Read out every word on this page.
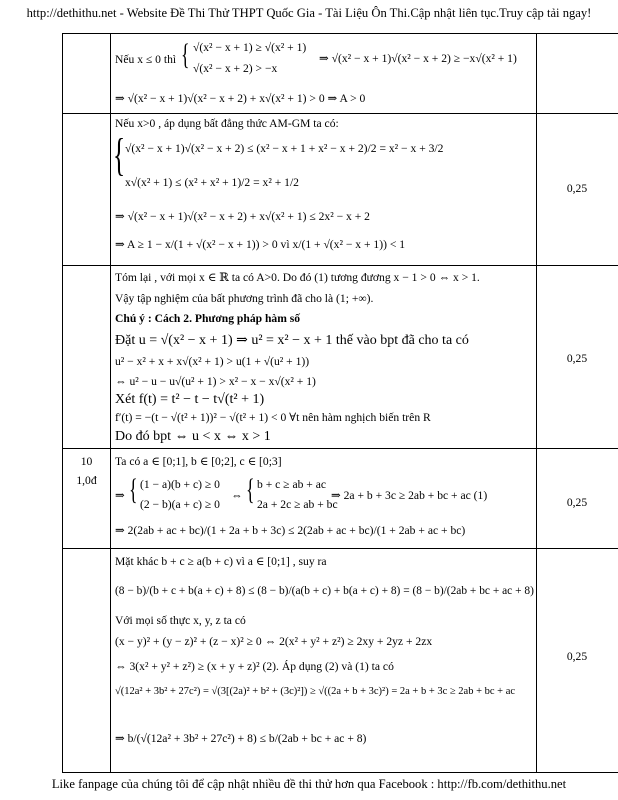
http://dethithu.net - Website Đề Thi Thử THPT Quốc Gia - Tài Liệu Ôn Thi.Cập nhật liên tục.Truy cập tải ngay!
Nếu x ≤ 0 thì { √(x² − x + 1) ≥ √(x² + 1)
√(x² − x + 2) > −x
⇒ √(x² − x + 1)√(x² − x + 2) ≥ −x√(x² + 1)
⇒ √(x² − x + 1)√(x² − x + 2) + x√(x² + 1) > 0 ⇒ A > 0
Nếu x>0 , áp dụng bất đẳng thức AM-GM ta có:
{ √(x² − x + 1)√(x² − x + 2) ≤ (x² − x + 1 + x² − x + 2)/2 = x² − x + 3/2
x√(x² + 1) ≤ (x² + x² + 1)/2 = x² + 1/2
⇒ √(x² − x + 1)√(x² − x + 2) + x√(x² + 1) ≤ 2x² − x + 2
⇒ A ≥ 1 − x/(1 + √(x² − x + 1)) > 0 vì x/(1 + √(x² − x + 1)) < 1
0,25
Tóm lại , với mọi x ∈ ℝ ta có A>0. Do đó (1) tương đương x − 1 > 0 ⇔ x > 1.
Vậy tập nghiệm của bất phương trình đã cho là (1; +∞).
Chú ý : Cách 2. Phương pháp hàm số
Đặt u = √(x² − x + 1) ⇒ u² = x² − x + 1 thế vào bpt đã cho ta có
u² − x² + x + x√(x² + 1) > u(1 + √(u² + 1))
⇔ u² − u − u√(u² + 1) > x² − x − x√(x² + 1)
Xét f(t) = t² − t − t√(t² + 1)
f′(t) = −(t − √(t² + 1))² − √(t² + 1) < 0 ∀t nên hàm nghịch biến trên R
Do đó bpt ⇔ u < x ⇔ x > 1
0,25
10
1,0đ
Ta có a ∈ [0;1], b ∈ [0;2], c ∈ [0;3]
⇒ { (1 − a)(b + c) ≥ 0
(2 − b)(a + c) ≥ 0
⇔ { b + c ≥ ab + ac
2a + 2c ≥ ab + bc
⇒ 2a + b + 3c ≥ 2ab + bc + ac (1)
⇒ 2(2ab + ac + bc)/(1 + 2a + b + 3c) ≤ 2(2ab + ac + bc)/(1 + 2ab + ac + bc)
0,25
Mặt khác b + c ≥ a(b + c) vì a ∈ [0;1] , suy ra
(8 − b)/(b + c + b(a + c) + 8) ≤ (8 − b)/(a(b + c) + b(a + c) + 8) = (8 − b)/(2ab + bc + ac + 8)
Với mọi số thực x, y, z ta có
(x − y)² + (y − z)² + (z − x)² ≥ 0 ⇔ 2(x² + y² + z²) ≥ 2xy + 2yz + 2zx
⇔ 3(x² + y² + z²) ≥ (x + y + z)² (2). Áp dụng (2) và (1) ta có
√(12a² + 3b² + 27c²) = √(3[(2a)² + b² + (3c)²]) ≥ √((2a + b + 3c)²) = 2a + b + 3c ≥ 2ab + bc + ac
⇒ b/(√(12a² + 3b² + 27c²) + 8) ≤ b/(2ab + bc + ac + 8)
0,25
Like fanpage của chúng tôi để cập nhật nhiều đề thi thử hơn qua Facebook : http://fb.com/dethithu.net
